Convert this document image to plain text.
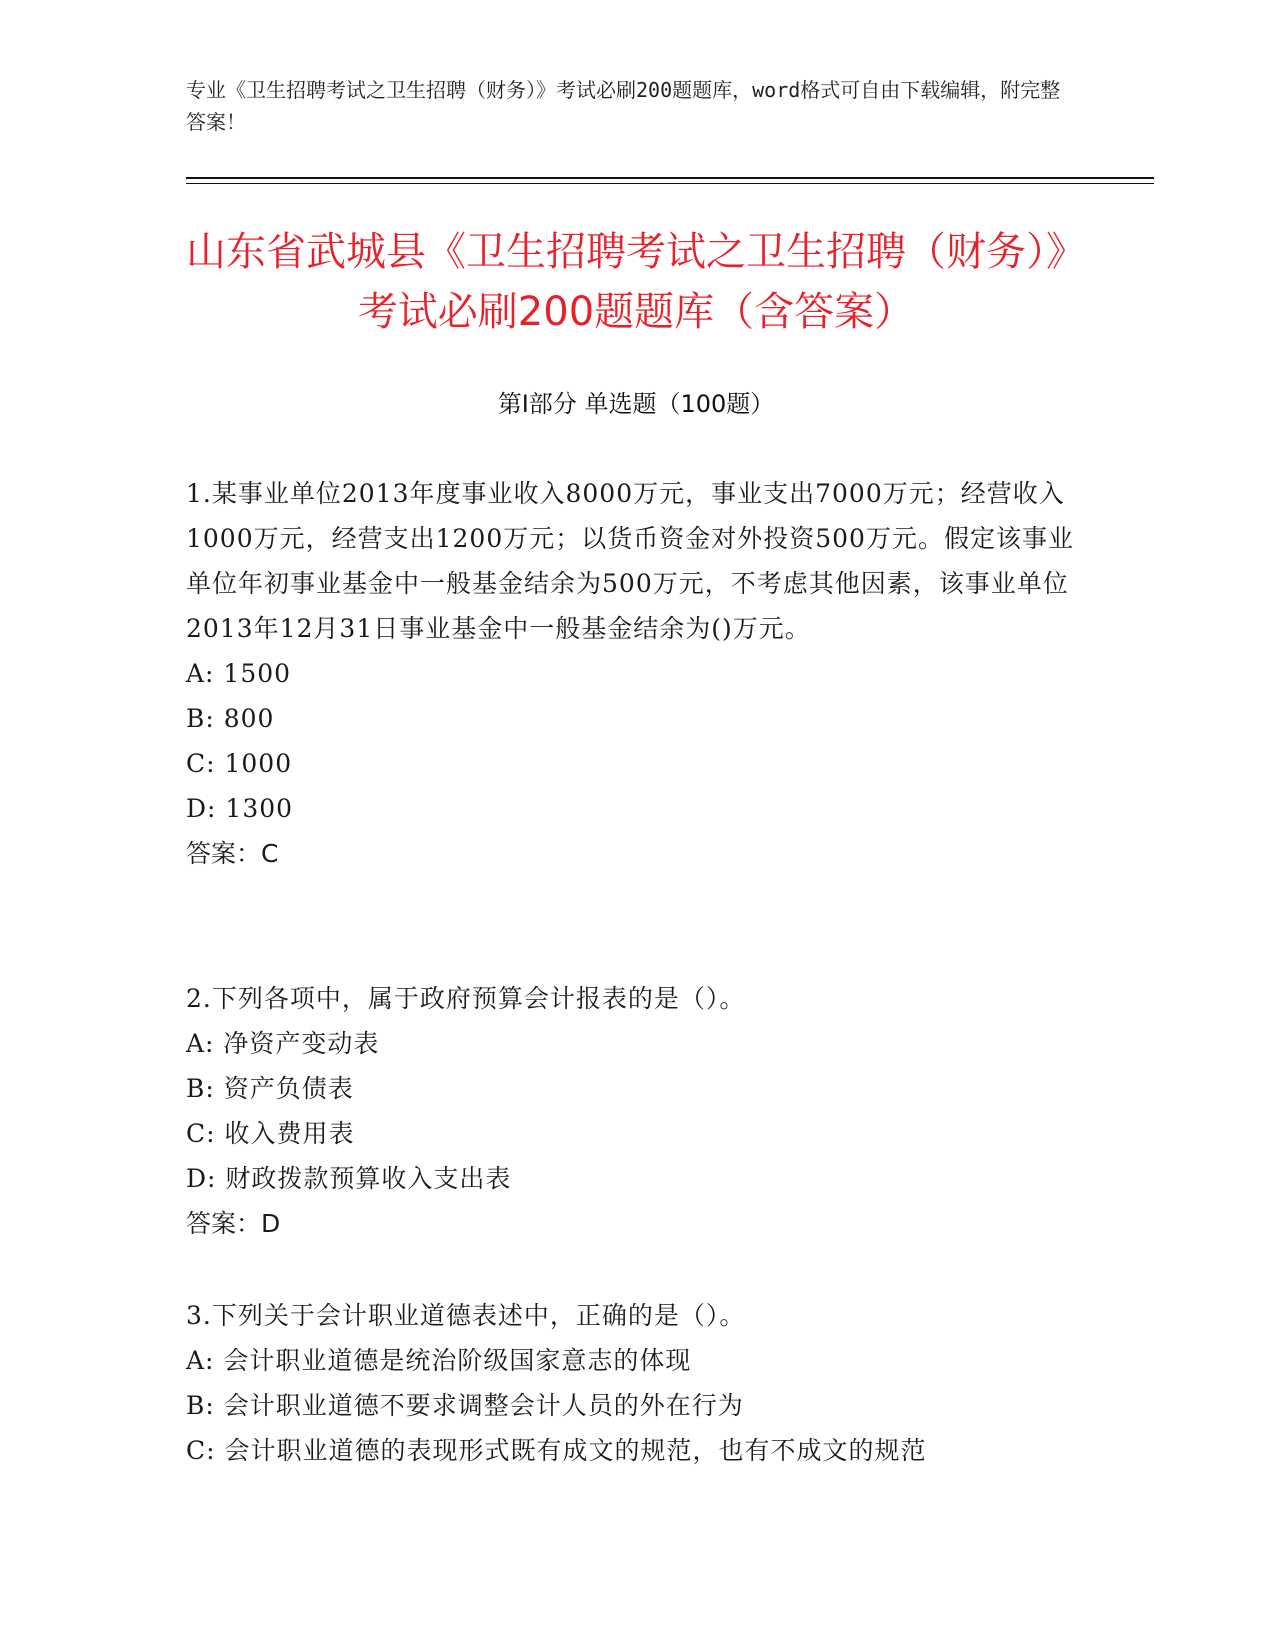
专业《卫生招聘考试之卫生招聘（财务）》考试必刷200题题库，word格式可自由下载编辑，附完整答案！
山东省武城县《卫生招聘考试之卫生招聘（财务）》考试必刷200题题库（含答案）
第Ⅰ部分 单选题（100题）
1.某事业单位2013年度事业收入8000万元，事业支出7000万元；经营收入1000万元，经营支出1200万元；以货币资金对外投资500万元。假定该事业单位年初事业基金中一般基金结余为500万元，不考虑其他因素，该事业单位2013年12月31日事业基金中一般基金结余为()万元。
A: 1500
B: 800
C: 1000
D: 1300
答案：C
2.下列各项中，属于政府预算会计报表的是（）。
A: 净资产变动表
B: 资产负债表
C: 收入费用表
D: 财政拨款预算收入支出表
答案：D
3.下列关于会计职业道德表述中，正确的是（）。
A: 会计职业道德是统治阶级国家意志的体现
B: 会计职业道德不要求调整会计人员的外在行为
C: 会计职业道德的表现形式既有成文的规范，也有不成文的规范
